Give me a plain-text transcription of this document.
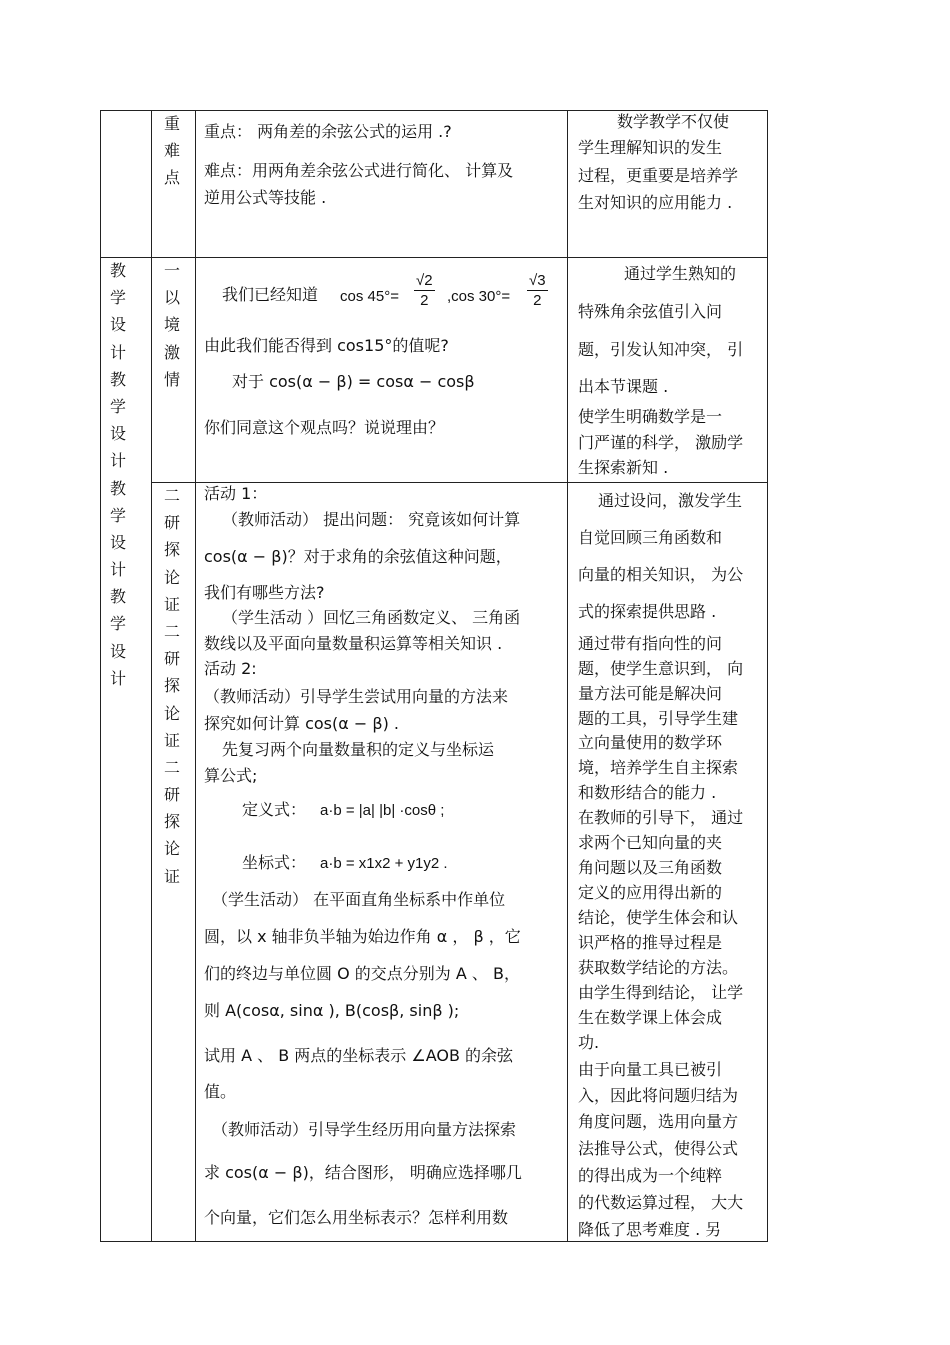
重
难
点
重点： 两角差的余弦公式的运用 .?
难点：用两角差余弦公式进行简化、 计算及
逆用公式等技能 .
数学教学不仅使
学生理解知识的发生
过程，更重要是培养学
生对知识的应用能力 .
教
学
设
计
教
学
设
计
教
学
设
计
教
学
设
计
一
以
境
激
情
我们已经知道 $\cos 45^\circ= \frac{√2}{2} ,\cos$ $30^\circ= \frac{√3}{2}$
由此我们能否得到 cos15°的值呢?
对于 cos(α − β) = cosα − cosβ
你们同意这个观点吗？说说理由？
通过学生熟知的
特殊角余弦值引入问
题，引发认知冲突， 引
出本节课题 .
使学生明确数学是一
门严谨的科学， 激励学
生探索新知 .
二
研
探
论
证
二
研
探
论
证
二
研
探
论
证
活动 1：
（教师活动） 提出问题： 究竟该如何计算
cos(α − β)？对于求角的余弦值这种问题，
我们有哪些方法?
（学生活动 ）回忆三角函数定义、 三角函
数线以及平面向量数量积运算等相关知识 .
活动 2:
（教师活动）引导学生尝试用向量的方法来
探究如何计算 cos(α − β) .
先复习两个向量数量积的定义与坐标运
算公式;
定义式： a·b = |a| |b| ·cosθ ;
坐标式： a·b = x1x2 + y1y2 .
（学生活动） 在平面直角坐标系中作单位
圆，以 x 轴非负半轴为始边作角 α ， β ，它
们的终边与单位圆 O 的交点分别为 A 、 B，
则 A(cosα, sinα ), B(cosβ, sinβ );
试用 A 、 B 两点的坐标表示 ∠AOB 的余弦
值。
（教师活动）引导学生经历用向量方法探索
求 cos(α − β)，结合图形， 明确应选择哪几
个向量，它们怎么用坐标表示？怎样利用数
通过设问，激发学生
自觉回顾三角函数和
向量的相关知识， 为公
式的探索提供思路 .
通过带有指向性的问
题，使学生意识到， 向
量方法可能是解决问
题的工具，引导学生建
立向量使用的数学环
境，培养学生自主探索
和数形结合的能力 .
在教师的引导下， 通过
求两个已知向量的夹
角问题以及三角函数
定义的应用得出新的
结论，使学生体会和认
识严格的推导过程是
获取数学结论的方法。
由学生得到结论， 让学
生在数学课上体会成
功.
由于向量工具已被引
入，因此将问题归结为
角度问题，选用向量方
法推导公式，使得公式
的得出成为一个纯粹
的代数运算过程， 大大
降低了思考难度 . 另
